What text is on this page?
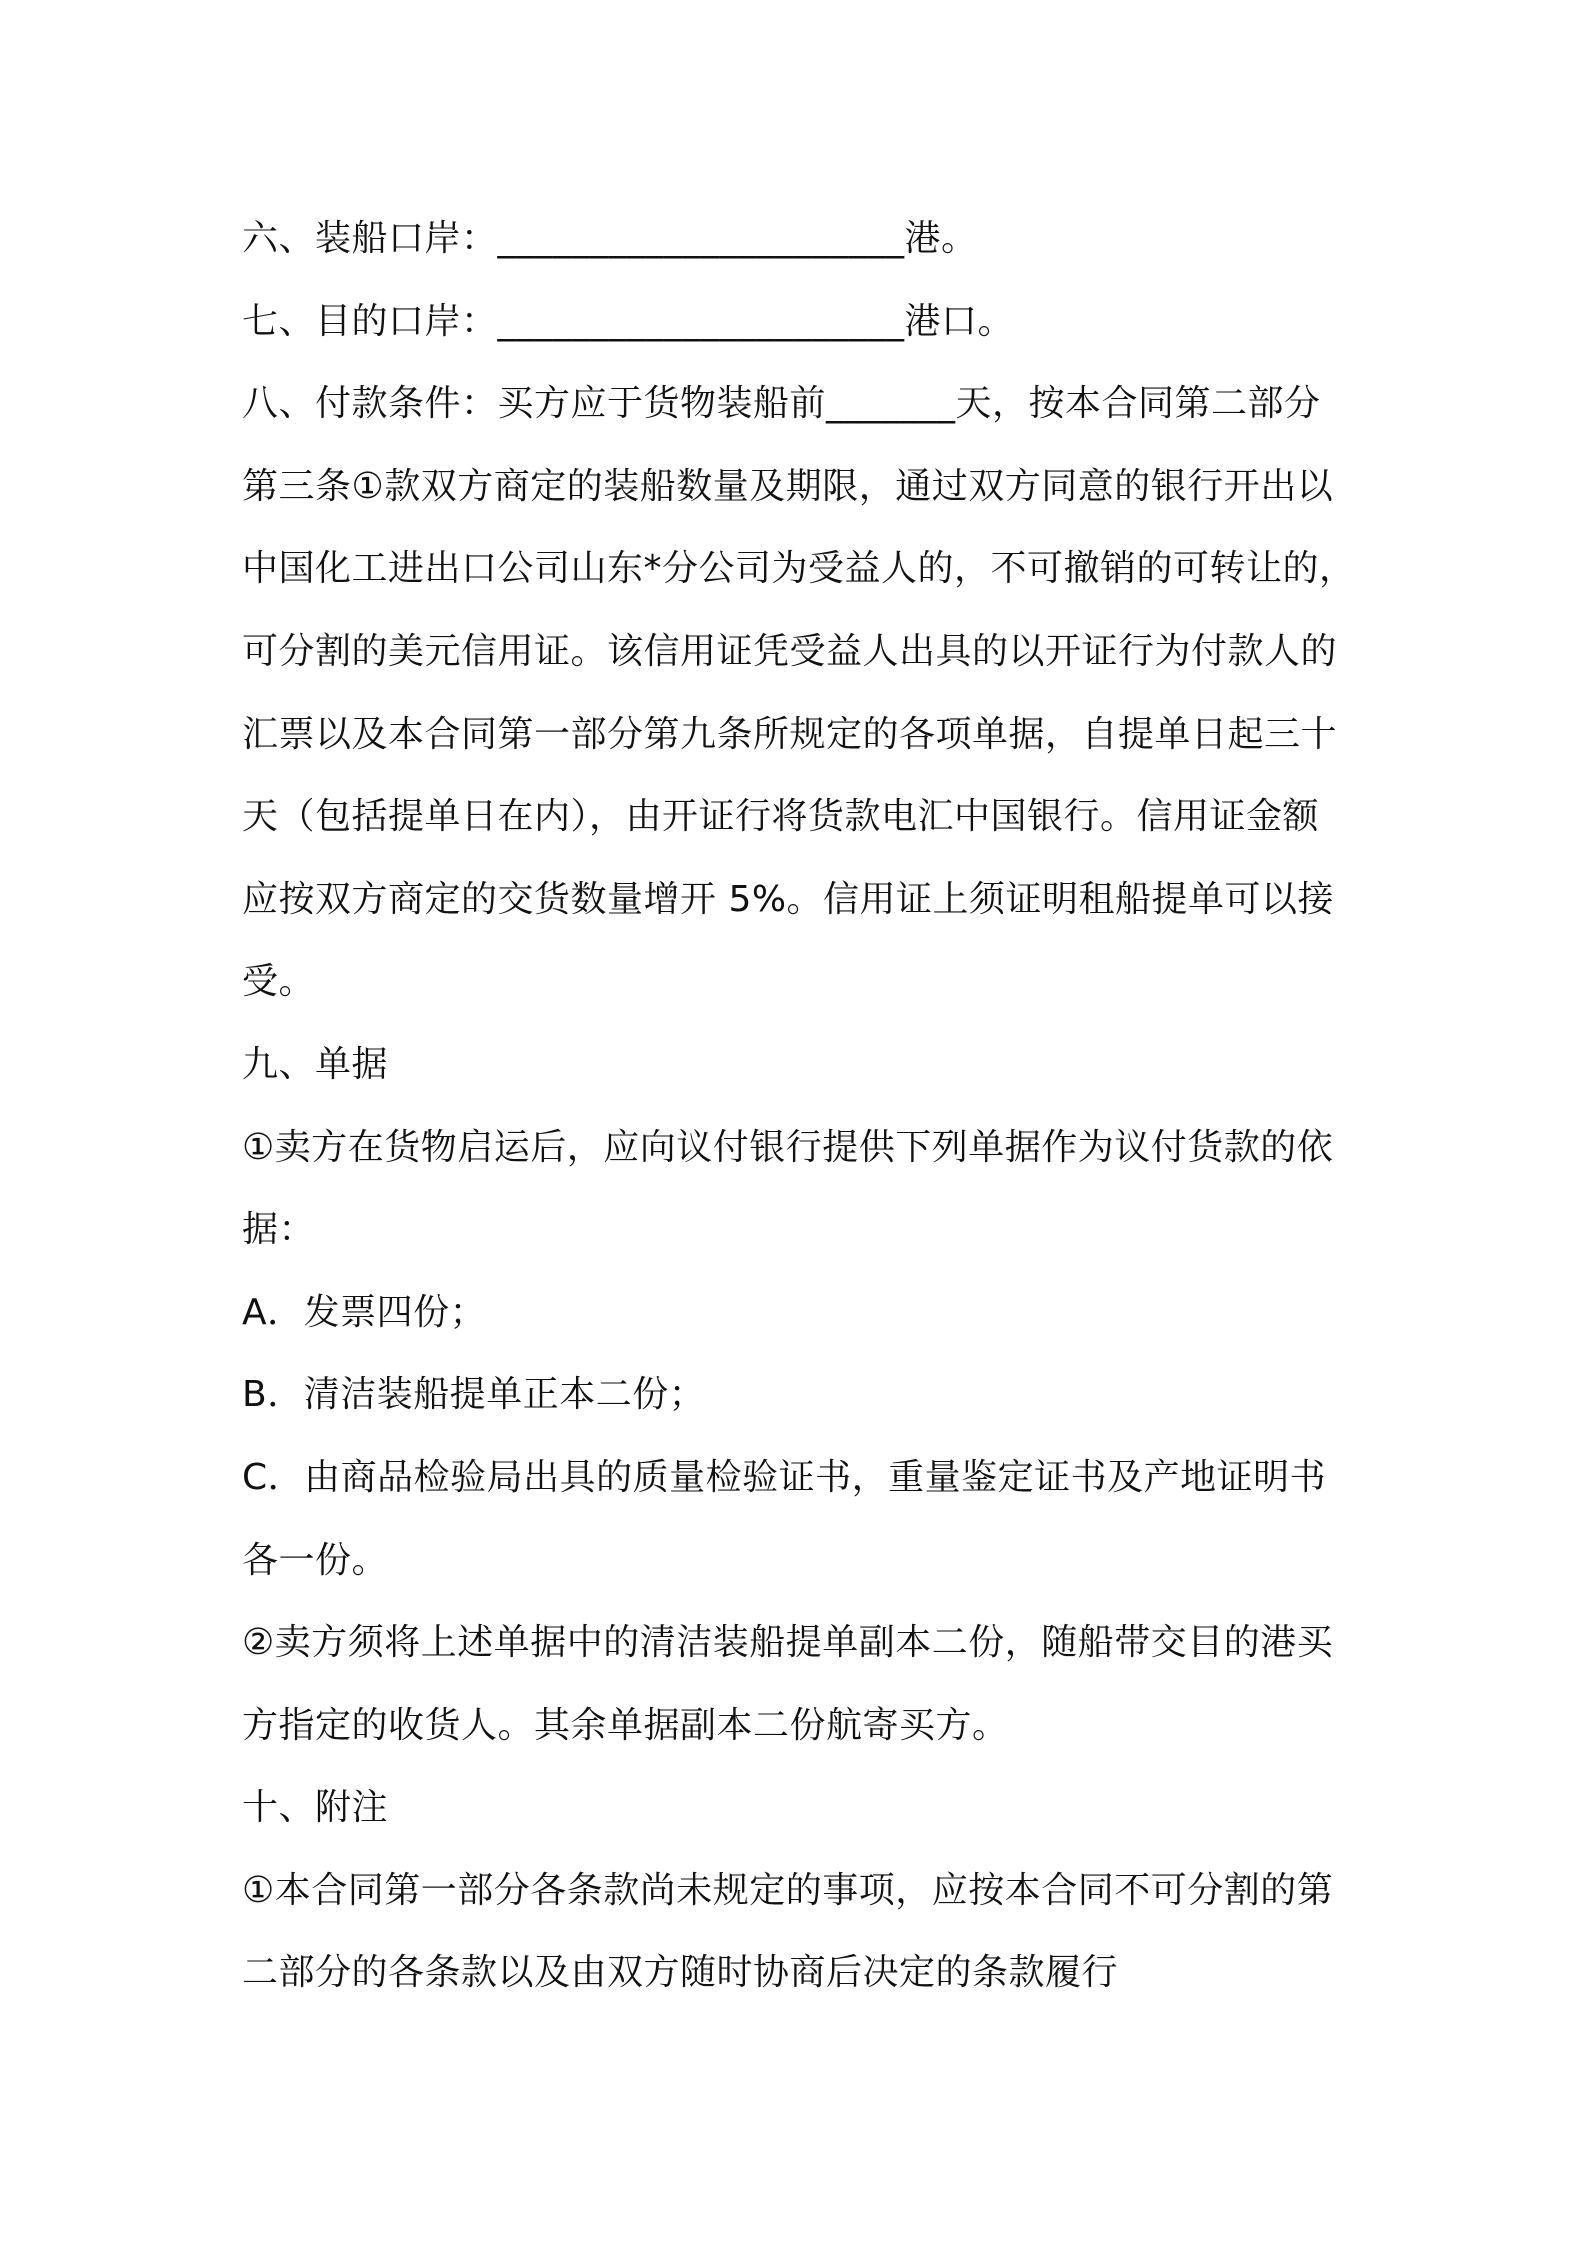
六、装船口岸：______________________港。
七、目的口岸：______________________港口。
八、付款条件：买方应于货物装船前_______天，按本合同第二部分
第三条①款双方商定的装船数量及期限，通过双方同意的银行开出以
中国化工进出口公司山东*分公司为受益人的，不可撤销的可转让的，
可分割的美元信用证。该信用证凭受益人出具的以开证行为付款人的
汇票以及本合同第一部分第九条所规定的各项单据，自提单日起三十
天（包括提单日在内），由开证行将货款电汇中国银行。信用证金额
应按双方商定的交货数量增开 5%。信用证上须证明租船提单可以接
受。
九、单据
①卖方在货物启运后，应向议付银行提供下列单据作为议付货款的依
据：
A．发票四份；
B．清洁装船提单正本二份；
C．由商品检验局出具的质量检验证书，重量鉴定证书及产地证明书
各一份。
②卖方须将上述单据中的清洁装船提单副本二份，随船带交目的港买
方指定的收货人。其余单据副本二份航寄买方。
十、附注
①本合同第一部分各条款尚未规定的事项，应按本合同不可分割的第
二部分的各条款以及由双方随时协商后决定的条款履行
